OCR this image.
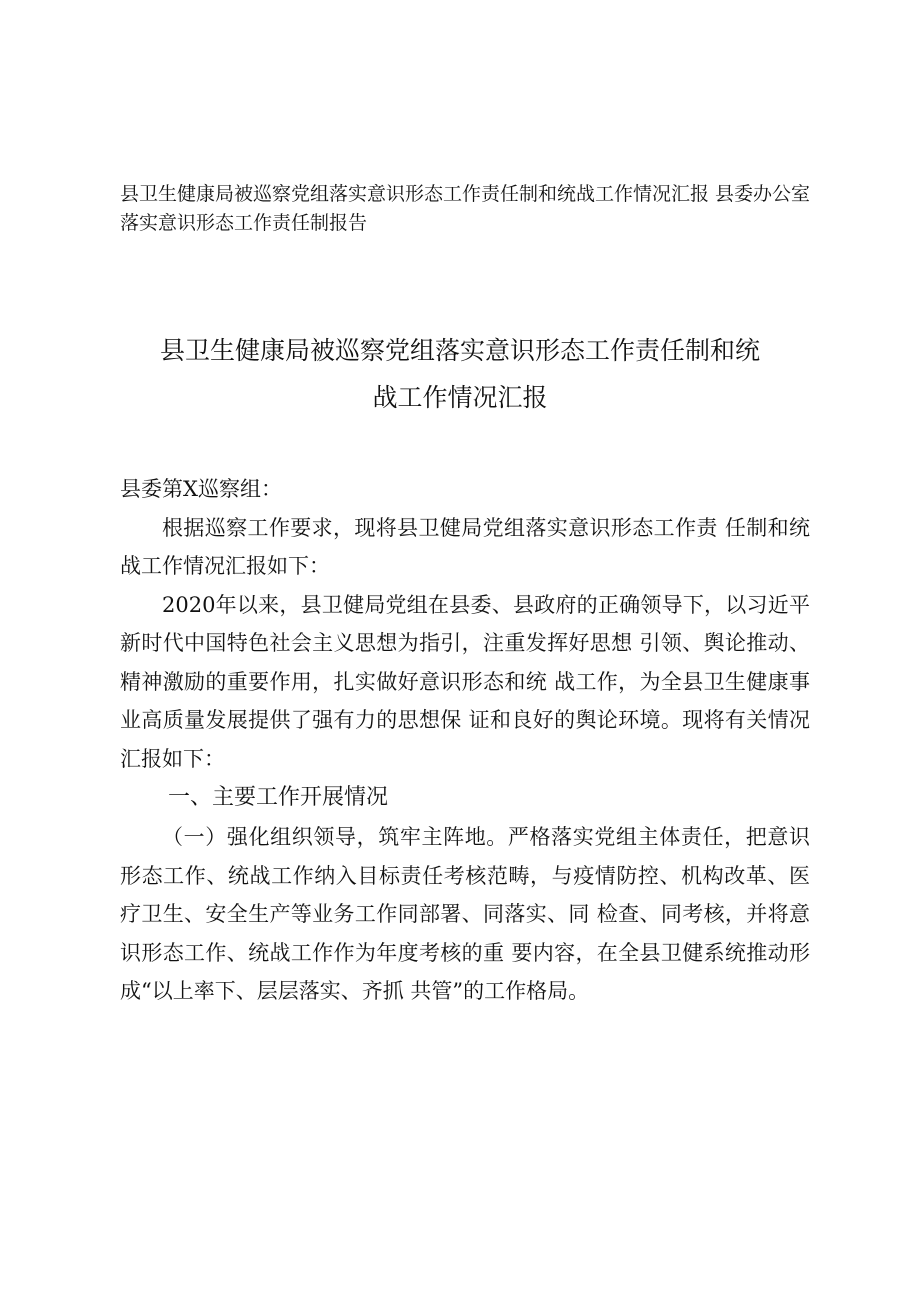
县卫生健康局被巡察党组落实意识形态工作责任制和统战工作情况汇报 县委办公室落实意识形态工作责任制报告
县卫生健康局被巡察党组落实意识形态工作责任制和统
战工作情况汇报

县委第X巡察组：

根据巡察工作要求，现将县卫健局党组落实意识形态工作责 任制和统战工作情况汇报如下：

2020年以来，县卫健局党组在县委、县政府的正确领导下，以习近平新时代中国特色社会主义思想为指引，注重发挥好思想 引领、舆论推动、精神激励的重要作用，扎实做好意识形态和统 战工作，为全县卫生健康事业高质量发展提供了强有力的思想保 证和良好的舆论环境。现将有关情况汇报如下：

一、主要工作开展情况

（一）强化组织领导，筑牢主阵地。严格落实党组主体责任，把意识形态工作、统战工作纳入目标责任考核范畴，与疫情防控、机构改革、医疗卫生、安全生产等业务工作同部署、同落实、同 检查、同考核，并将意识形态工作、统战工作作为年度考核的重 要内容，在全县卫健系统推动形成“以上率下、层层落实、齐抓 共管”的工作格局。
